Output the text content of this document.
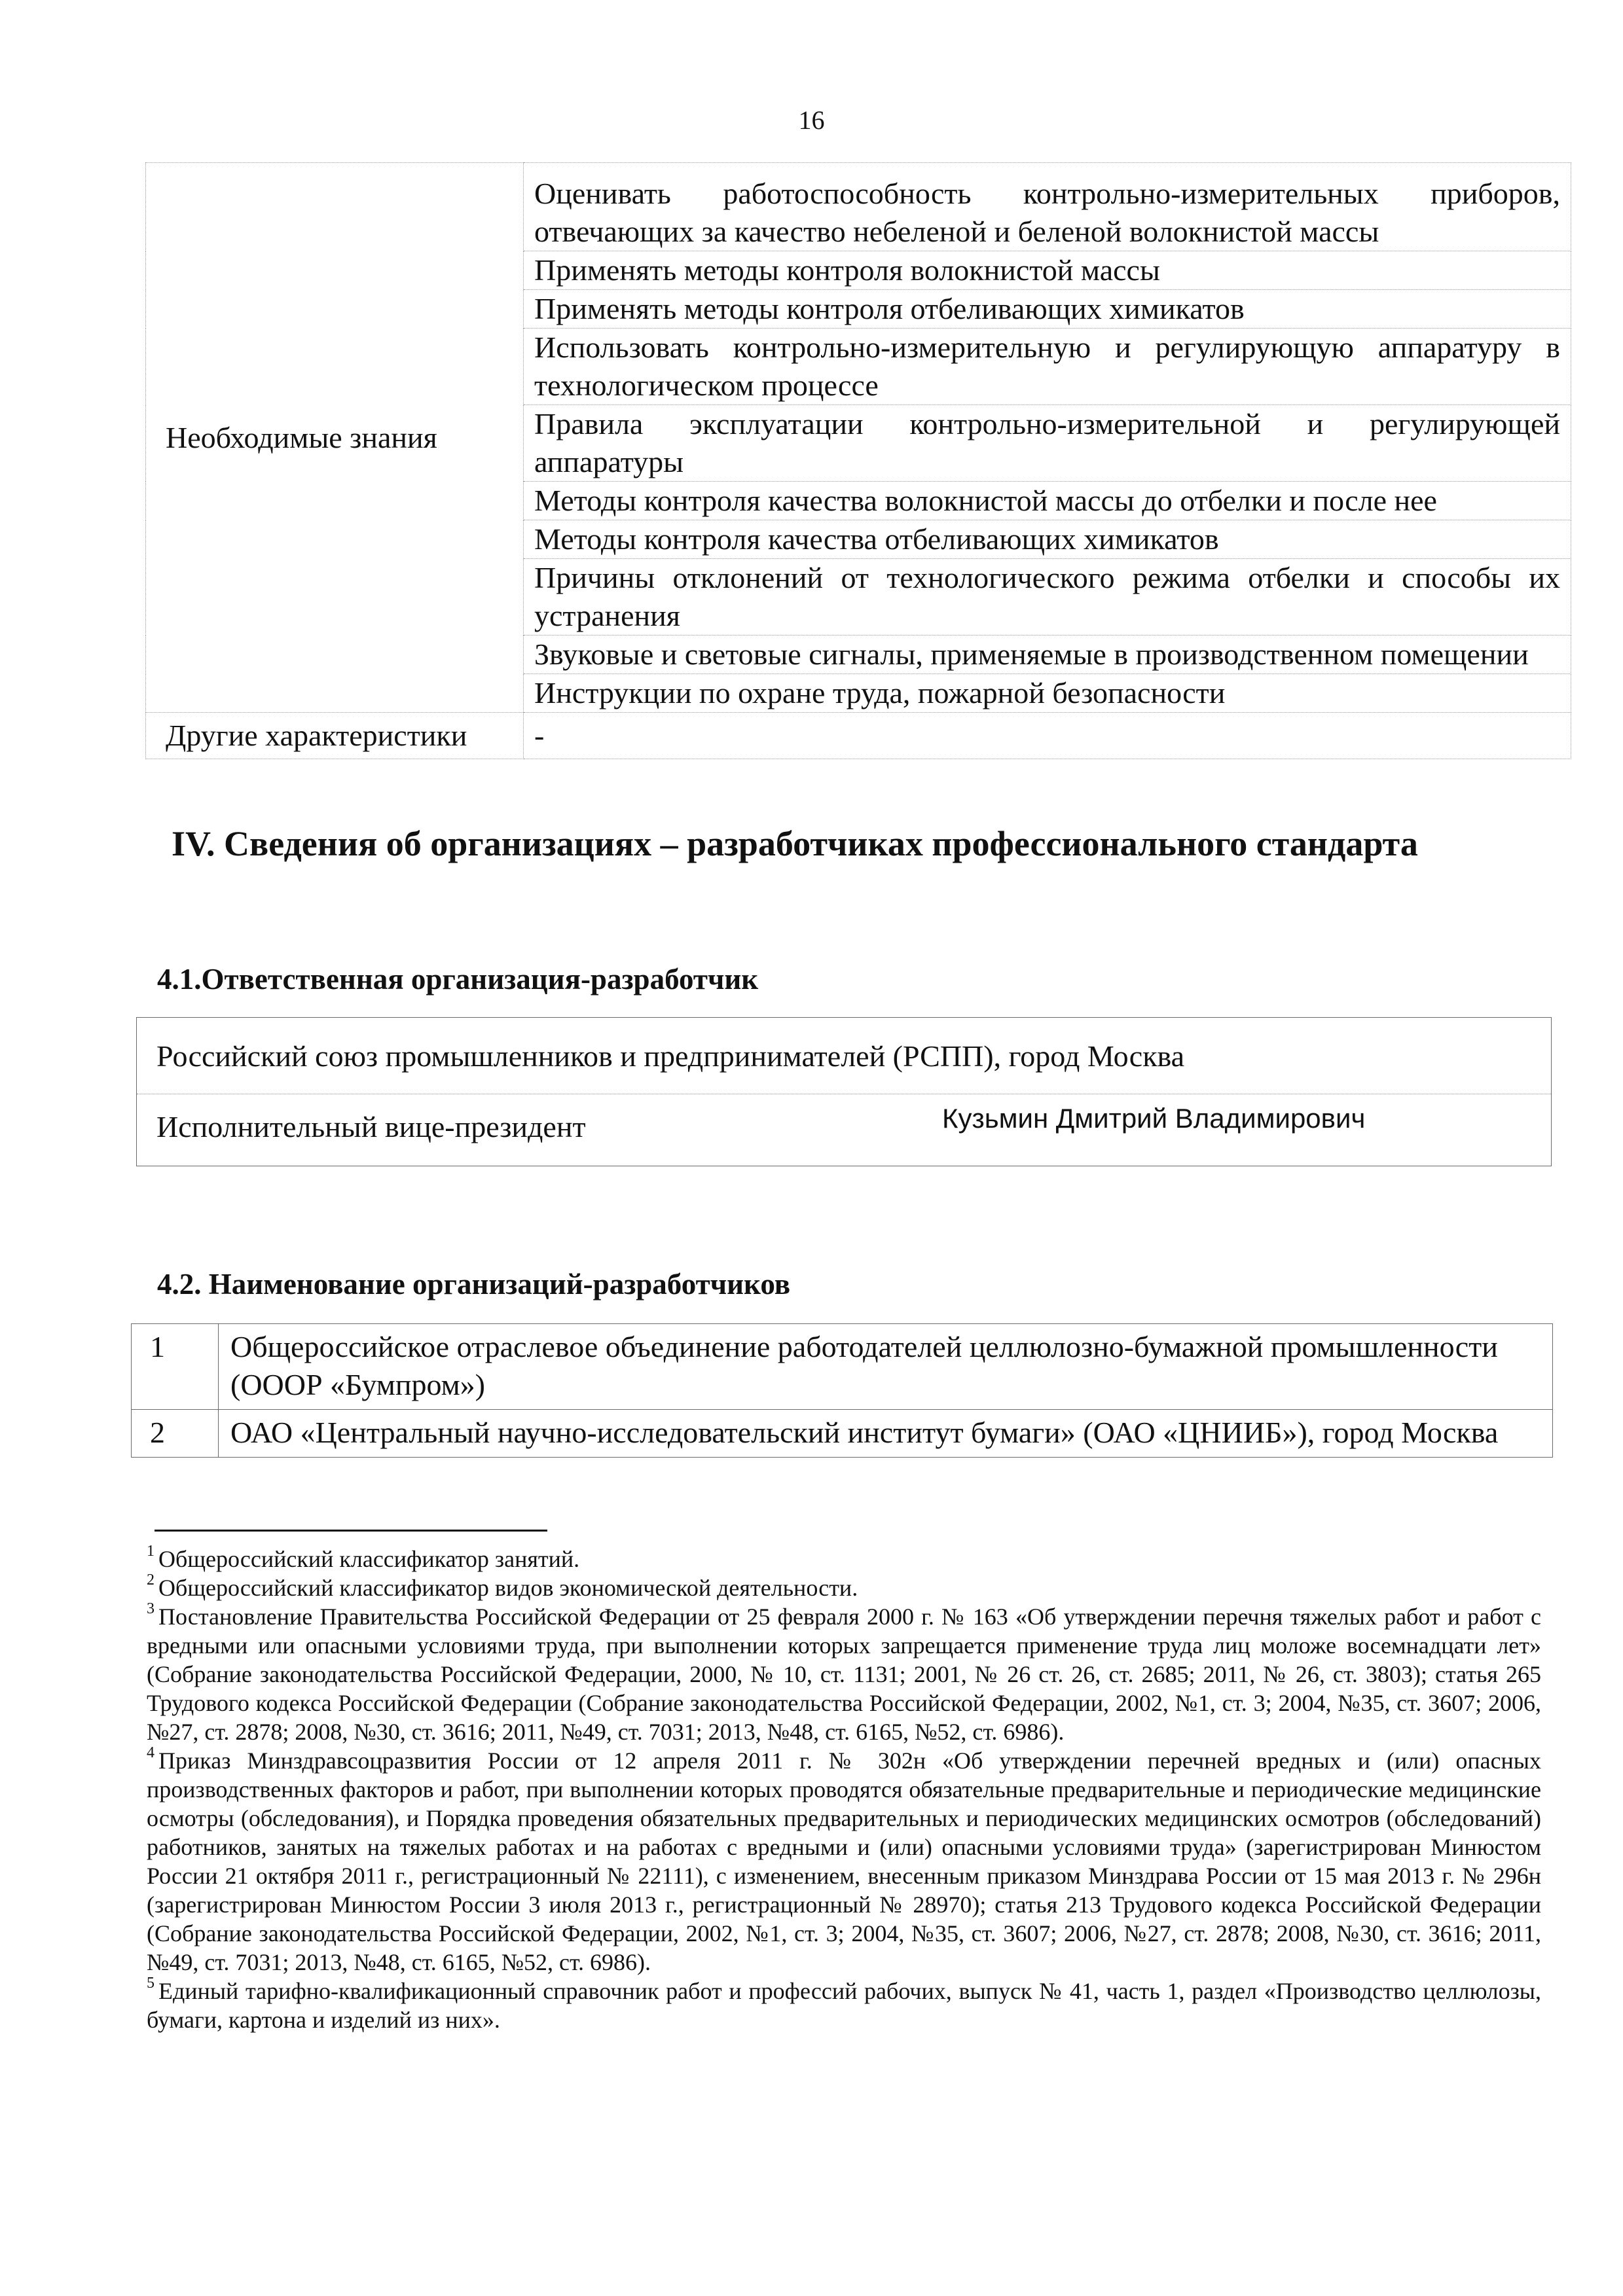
16
Необходимые знания	Оценивать работоспособность контрольно-измерительных приборов, отвечающих за качество небеленой и беленой волокнистой массы
	Применять методы контроля волокнистой массы
	Применять методы контроля отбеливающих химикатов
	Использовать контрольно-измерительную и регулирующую аппаратуру в технологическом процессе
	Правила эксплуатации контрольно-измерительной и регулирующей аппаратуры
	Методы контроля качества волокнистой массы до отбелки и после нее
	Методы контроля качества отбеливающих химикатов
	Причины отклонений от технологического режима отбелки и способы их устранения
	Звуковые и световые сигналы, применяемые в производственном помещении
	Инструкции по охране труда, пожарной безопасности
Другие характеристики	-
IV. Сведения об организациях – разработчиках профессионального стандарта
4.1.Ответственная организация-разработчик
Российский союз промышленников и предпринимателей (РСПП), город Москва
Исполнительный вице-президент	Кузьмин Дмитрий Владимирович
4.2. Наименование организаций-разработчиков
1	Общероссийское отраслевое объединение работодателей целлюлозно-бумажной промышленности (ОООР «Бумпром»)
2	ОАО «Центральный научно-исследовательский институт бумаги» (ОАО «ЦНИИБ»), город Москва

$^1$ Общероссийский классификатор занятий.

$^2$ Общероссийский классификатор видов экономической деятельности.

$^3$ Постановление Правительства Российской Федерации от 25 февраля 2000 г. № 163 «Об утверждении перечня тяжелых работ и работ с вредными или опасными условиями труда, при выполнении которых запрещается применение труда лиц моложе восемнадцати лет» (Собрание законодательства Российской Федерации, 2000, № 10, ст. 1131; 2001, № 26 ст. 26, ст. 2685; 2011, № 26, ст. 3803); статья 265 Трудового кодекса Российской Федерации (Собрание законодательства Российской Федерации, 2002, №1, ст. 3; 2004, №35, ст. 3607; 2006, №27, ст. 2878; 2008, №30, ст. 3616; 2011, №49, ст. 7031; 2013, №48, ст. 6165, №52, ст. 6986).

$^4$ Приказ Минздравсоцразвития России от 12 апреля 2011 г. № 302н «Об утверждении перечней вредных и (или) опасных производственных факторов и работ, при выполнении которых проводятся обязательные предварительные и периодические медицинские осмотры (обследования), и Порядка проведения обязательных предварительных и периодических медицинских осмотров (обследований) работников, занятых на тяжелых работах и на работах с вредными и (или) опасными условиями труда» (зарегистрирован Минюстом России 21 октября 2011 г., регистрационный № 22111), с изменением, внесенным приказом Минздрава России от 15 мая 2013 г. № 296н (зарегистрирован Минюстом России 3 июля 2013 г., регистрационный № 28970); статья 213 Трудового кодекса Российской Федерации (Собрание законодательства Российской Федерации, 2002, №1, ст. 3; 2004, №35, ст. 3607; 2006, №27, ст. 2878; 2008, №30, ст. 3616; 2011, №49, ст. 7031; 2013, №48, ст. 6165, №52, ст. 6986).

$^5$ Единый тарифно-квалификационный справочник работ и профессий рабочих, выпуск № 41, часть 1, раздел «Производство целлюлозы, бумаги, картона и изделий из них».
